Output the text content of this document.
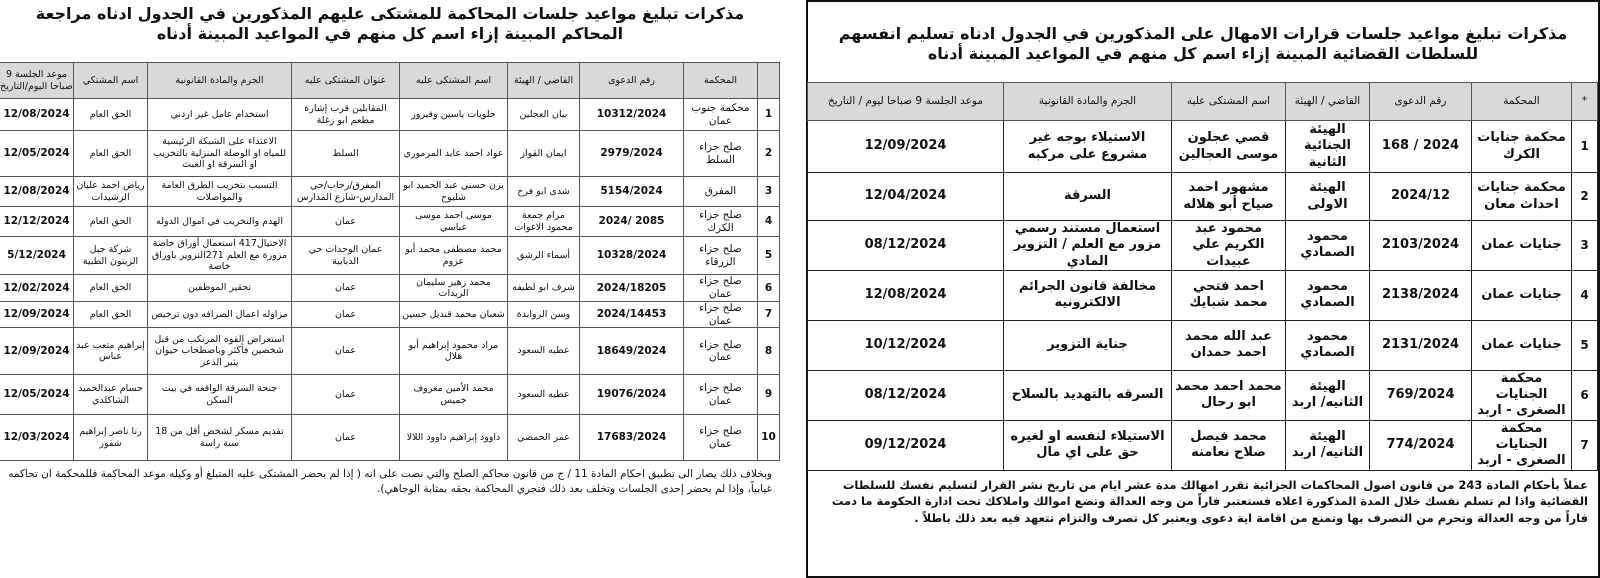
مذكرات تبليغ مواعيد جلسات المحاكمة للمشتكى عليهم المذكورين في الجدول ادناه مراجعة المحاكم المبينة إزاء اسم كل منهم في المواعيد المبينة أدناه
	المحكمة	رقم الدعوى	القاضي / الهيئة	اسم المشتكى عليه	عنوان المشتكى عليه	الجرم والمادة القانونية	اسم المشتكي	موعد الجلسة 9 صباحا اليوم/التاريخ
1	محكمة جنوب عمان	10312/2024	بيان العجلين	حلويات ياسين وفيروز	المقابلين قرب إشارة مطعم ابو زغلة	استخدام عامل غير اردني	الحق العام	12/08/2024
2	صلح جزاء السلط	2979/2024	ايمان القواز	عواد احمد عايد المرموري	السلط	الاعتداء على الشبكة الرئيسية للمياه او الوصلة المنزلية بالتخريب او السرقة او العبث	الحق العام	12/05/2024
3	المفرق	5154/2024	شدى ابو فرخ	يزن حسني عبد الحميد ابو شليوح	المفرق/رحاب/حي المدارس-شارع المدارس	التسبب بتخريب الطرق العامة والمواصلات	رياض احمد عليان الرشيدات	12/08/2024
4	صلح جزاء الكرك	2085 /2024	مرام جمعة محمود الاغوات	موسى احمد موسى عباسي	عمان	الهدم والتخريب في اموال الدوله	الحق العام	12/12/2024
5	صلح جزاء الزرقاء	10328/2024	أسماء الرشق	محمد مصطفى محمد أبو عزوم	عمان الوحدات حي الدبابية	الاحتيال417 استعمال أوراق خاصة مزورة مع العلم 271التزوير باوراق خاصة	شركة جبل الزيتون الطبية	5/12/2024
6	صلح جزاء عمان	2024/18205	شرف ابو لطيفه	محمد زهير سليمان الزيدات	عمان	تحقير الموظفين	الحق العام	12/02/2024
7	صلح جزاء عمان	2024/14453	وسن الروابدة	شعبان محمد قنديل حسين	عمان	مزاوله اعمال الصرافه دون ترخيص	الحق العام	12/09/2024
8	صلح جزاء عمان	18649/2024	عطيه السعود	مراد محمود إبراهيم أبو هلال	عمان	استعراض القوه المرتكب من قبل شخصين فأكثر وباصطحاب حيوان يثير الذعر	إبراهيم متعب عبد عباس	12/09/2024
9	صلح جزاء عمان	19076/2024	عطيه السعود	محمد الأمين معروف خميس	عمان	جنحة السرقة الواقعه في بيت السكن	حسام عبدالحميد الشاكلدي	12/05/2024
10	صلح جزاء عمان	17683/2024	عمر الحمصي	داوود إبراهيم داوود اللالا	عمان	تقديم مسكر لشخص أقل من 18 سنة راسة	رنا ناصر إبراهيم شقور	12/03/2024

وبخلاف ذلك يصار الى تطبيق احكام المادة 11 / ج من قانون محاكم الصلح والتي نصت على انه ( إذا لم يحضر المشتكى عليه المتبلغ أو وكيله موعد المحاكمة فللمحكمة ان تحاكمه غيابياً، وإذا لم يحضر إحدى الجلسات وتخلف بعد ذلك فتجري المحاكمة بحقه بمثابة الوجاهي).

مذكرات تبليغ مواعيد جلسات قرارات الامهال على المذكورين في الجدول ادناه تسليم انفسهم للسلطات القضائية المبينة إزاء اسم كل منهم في المواعيد المبينة أدناه
*	المحكمة	رقم الدعوى	القاضي / الهيئة	اسم المشتكى عليه	الجرم والمادة القانونية	موعد الجلسة 9 صباحا ليوم / التاريخ
1	محكمة جنايات الكرك	2024 / 168	الهيئة الجنائية الثانية	قصي عجلون موسى العجالين	الاستيلاء بوجه غير مشروع على مركبه	12/09/2024
2	محكمة جنايات احداث معان	2024/12	الهيئة الاولى	مشهور احمد صياح أبو هلاله	السرقة	12/04/2024
3	جنايات عمان	2103/2024	محمود الصمادي	محمود عبد الكريم علي عبيدات	استعمال مستند رسمي مزور مع العلم / التزوير المادي	08/12/2024
4	جنايات عمان	2138/2024	محمود الصمادي	احمد فتحي محمد شبايك	مخالفة قانون الجرائم الالكترونيه	12/08/2024
5	جنايات عمان	2131/2024	محمود الصمادي	عبد الله محمد احمد حمدان	جناية التزوير	10/12/2024
6	محكمة الجنايات الصغرى - اربد	769/2024	الهيئة الثانيه/ اربد	محمد احمد محمد ابو رحال	السرقه بالتهديد بالسلاح	08/12/2024
7	محكمة الجنايات الصغرى - اربد	774/2024	الهيئة الثانيه/ اربد	محمد فيصل صلاح نعامنه	الاستيلاء لنفسه او لغيره حق على اي مال	09/12/2024

عملاً بأحكام المادة 243 من قانون اصول المحاكمات الجزائية تقرر امهالك مدة عشر ايام من تاريخ نشر القرار لتسليم نفسك للسلطات القضائية واذا لم تسلم نفسك خلال المدة المذكورة اعلاه فستعتبر فاراً من وجه العدالة وتضع اموالك واملاكك تحت ادارة الحكومة ما دمت فاراً من وجه العدالة وتحرم من التصرف بها وتمنع من اقامة اية دعوى ويعتبر كل تصرف والتزام تتعهد فيه بعد ذلك باطلاً .
